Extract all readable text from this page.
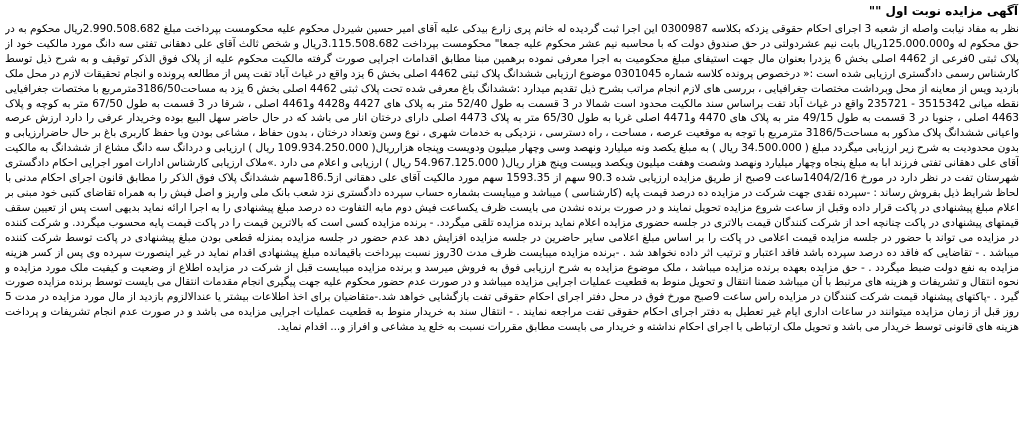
آگهی مزایده نوبت اول ""
نظر به مفاد نیابت واصله از شعبه 3 اجرای احکام حقوقی یزدکه بکلاسه 0300987 این اجرا ثبت گردیده له خانم پری زارع بیدکی علیه آقای امیر حسین شیردل محکوم علیه محکومست بپرداخت مبلغ 2.990.508.682ریال محکوم به در حق محکوم له و125.000.000ریال بابت نیم عشردولتی در حق صندوق دولت که با محاسبه نیم عشر محکوم علیه جمعا" محکومست بپرداخت 3.115.508.682ریال و شخص ثالث آقای علی دهقانی تفتی سه دانگ مورد مالکیت خود از پلاک ثبتی 0فرعی از 4462 اصلی بخش 6 یزدرا بعنوان مال جهت استیفای مبلغ محکومیت به اجرا معرفی نموده برهمین مبنا مطابق اقدامات اجرایی صورت گرفته مالکیت محکوم علیه از پلاک فوق الذکر توقیف و به شرح ذیل توسط کارشناس رسمی دادگستری ارزیابی شده است :« درخصوص پرونده کلاسه شماره 0301045 موضوع ارزیابی ششدانگ پلاک ثبتی 4462 اصلی بخش 6 یزد واقع در غیاث آباد تفت پس از مطالعه پرونده و انجام تحقیقات لازم در محل ملک بازدید ویس از معاینه از محل وبرداشت مختصات جغرافیایی ، بررسی های لازم انجام مراتب بشرح ذیل تقدیم میدارد :ششدانگ باغ معرفی شده تحت پلاک ثبتی 4462 اصلی بخش 6 یزد به مساحت3186/50مترمربع با مختصات جغرافیایی نقطه میانی 3515342 - 235721 واقع در غیاث آباد تفت براساس سند مالکیت محدود است شمالا در 3 قسمت به طول 52/40 متر به پلاک های 4427 و4428 و4461 اصلی ، شرقا در 3 قسمت به طول 67/50 متر به کوچه و پلاک 4463 اصلی ، جنوبا در 3 قسمت به طول 49/15 متر به پلاک های 4470 و4471 اصلی غربا به طول 65/30 متر به پلاک 4473 اصلی دارای درختان انار می باشد که در حال حاضر سهل البیع بوده وخریدار عرفی را دارد ارزش عرصه واعیانی ششدانگ پلاک مذکور به مساحت3186/5 مترمربع با توجه به موقعیت عرصه ، مساحت ، راه دسترسی ، نزدیکی به خدمات شهری ، نوع وسن وتعداد درختان ، بدون حفاظ ، مشاعی بودن ویا حفظ کاربری باغ بر حال حاضرارزیابی و بدون محدودیت به شرح زیر ارزیابی میگردد مبلغ ( 34.500.000 ریال ) به مبلغ یکصد ونه میلیارد ونهصد وسی وچهار میلیون ودویست وپنجاه هزارریال( 109.934.250.000 ریال ) ارزیابی و دردانگ سه دانگ مشاع از ششدانگ به مالکیت آقای علی دهقانی تفتی فرزند ابا به مبلغ پنجاه وچهار میلیارد ونهصد وشصت وهفت میلیون ویکصد وبیست وپنج هزار ریال( 54.967.125.000 ریال ) ارزیابی و اعلام می دارد .»ملاک ارزیابی کارشناس ادارات امور اجرایی احکام دادگستری شهرستان تفت در نظر دارد در مورخ 1404/2/16ساعت 9صبح از طریق مزایده ارزیابی شده 90.3 سهم از 1593.35 سهم مورد مالکیت آقای علی دهقانی از186.5سهم ششدانگ پلاک فوق الذکر را مطابق قانون اجرای احکام مدنی با لحاظ شرایط ذیل بفروش رساند : -سپرده نقدی جهت شرکت در مزایده ده درصد قیمت پایه (کارشناسی ) میباشد و میبایست بشماره حساب سپرده دادگستری نزد شعب بانک ملی واریز و اصل فیش را به همراه تقاضای کتبی خود مبنی بر اعلام مبلغ پیشنهادی در پاکت قرار داده وقبل از ساعت شروع مزایده تحویل نمایند و در صورت برنده نشدن می بایست ظرف یکساعت فیش دوم مابه التفاوت ده درصد مبلغ پیشنهادی را به اجرا ارائه نماید بدیهی است پس از تعیین سقف قیمتهای پیشنهادی در پاکت چنانچه احد از شرکت کنندگان قیمت بالاتری در جلسه حضوری مزایده اعلام نماید برنده مزایده تلقی میگردد. - برنده مزایده کسی است که بالاترین قیمت را در پاکت قیمت پایه محسوب میگردد. و شرکت کننده در مزایده می تواند با حضور در جلسه مزایده قیمت اعلامی در پاکت را بر اساس مبلغ اعلامی سایر حاضرین در جلسه مزایده افزایش دهد عدم حضور در جلسه مزایده بمنزله قطعی بودن مبلغ پیشنهادی در پاکت توسط شرکت کننده میباشد . - تقاضایی که فاقد ده درصد سپرده باشد فاقد اعتبار و ترتیب اثر داده نخواهد شد . -برنده مزایده میبایست ظرف مدت 30روز نسبت بپرداخت باقیمانده مبلغ پیشنهادی اقدام نماید در غیر اینصورت سپرده وی پس از کسر هزینه مزایده به نفع دولت ضبط میگردد . - حق مزایده بعهده برنده مزایده میباشد ، ملک موضوع مزایده به شرح ارزیابی فوق به فروش میرسد و برنده مزایده میبایست قبل از شرکت در مزایده اطلاع از وضعیت و کیفیت ملک مورد مزایده و نحوه انتقال و تشریفات و هزینه های مرتبط با آن میباشد ضمنا انتقال و تحویل منوط به قطعیت عملیات اجرایی مزایده میباشد و در صورت عدم حضور محکوم علیه جهت پیگیری انجام مقدمات انتقال می بایست توسط برنده مزایده صورت گیرد . -پاکتهای پیشنهاد قیمت شرکت کنندگان در مزایده راس ساعت 9صبح مورخ فوق در محل دفتر اجرای احکام حقوقی تفت بازگشایی خواهد شد.-متقاضیان برای اخذ اطلاعات بیشتر یا عندالالزوم بازدید از مال مورد مزایده در مدت 5 روز قبل از زمان مزایده میتوانند در ساعات اداری ایام غیر تعطیل به دفتر اجرای احکام حقوقی تفت مراجعه نمایند . - انتقال سند به خریدار منوط به قطعیت عملیات اجرایی مزایده می باشد و در صورت عدم انجام تشریفات و پرداخت هزینه های قانونی توسط خریدار می باشد و تحویل ملک ارتباطی با اجرای احکام نداشته و خریدار می بایست مطابق مقررات نسبت به خلع ید مشاعی و افراز و... اقدام نماید.
